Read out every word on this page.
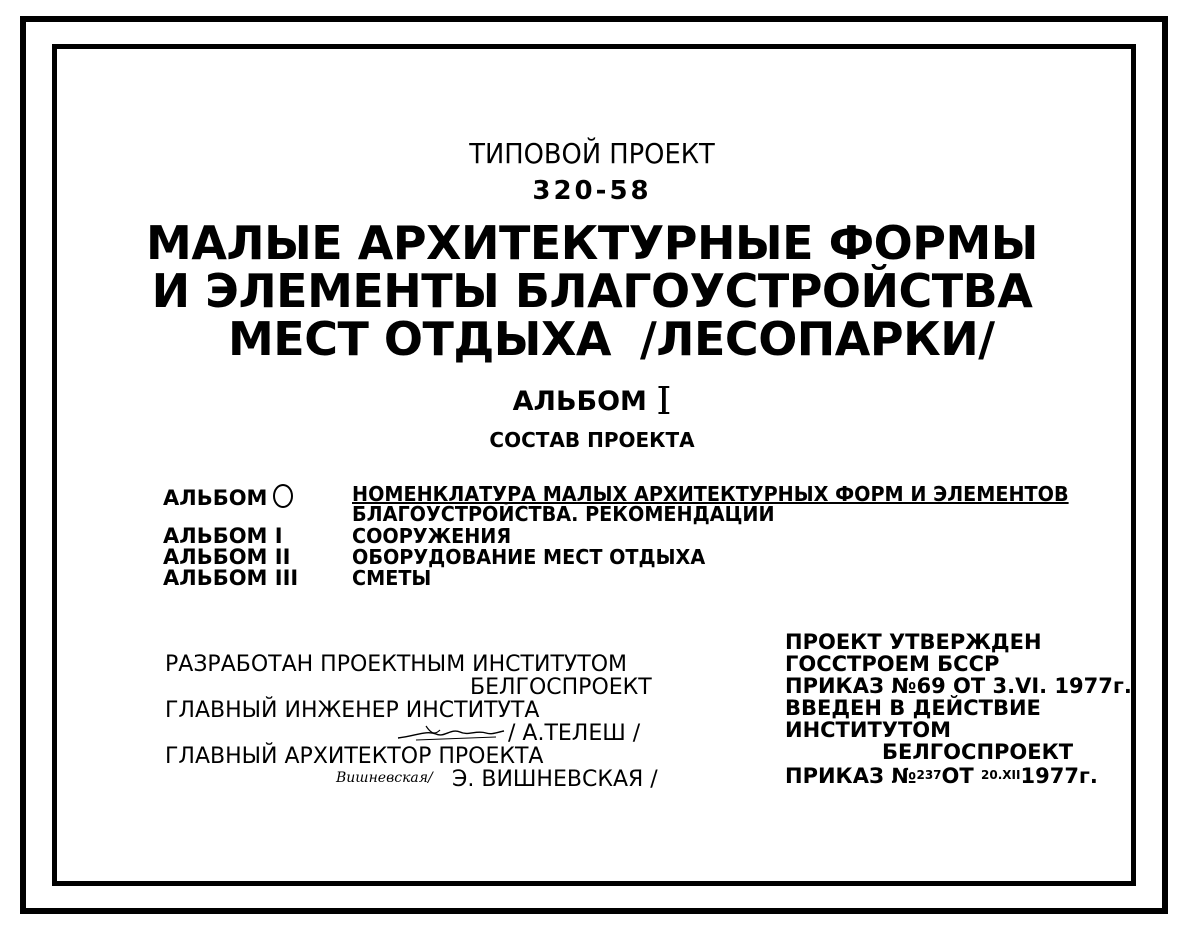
ТИПОВОЙ ПРОЕКТ
320-58
МАЛЫЕ АРХИТЕКТУРНЫЕ ФОРМЫ
И ЭЛЕМЕНТЫ БЛАГОУСТРОЙСТВА
МЕСТ ОТДЫХА /ЛЕСОПАРКИ/
АЛЬБОМ I
СОСТАВ ПРОЕКТА
АЛЬБОМ	НОМЕНКЛАТУРА МАЛЫХ АРХИТЕКТУРНЫХ ФОРМ И ЭЛЕМЕНТОВ
БЛАГОУСТРОЙСТВА. РЕКОМЕНДАЦИИ
АЛЬБОМ I	СООРУЖЕНИЯ
АЛЬБОМ II	ОБОРУДОВАНИЕ МЕСТ ОТДЫХА
АЛЬБОМ III	СМЕТЫ
РАЗРАБОТАН ПРОЕКТНЫМ ИНСТИТУТОМ
БЕЛГОСПРОЕКТ
ГЛАВНЫЙ ИНЖЕНЕР ИНСТИТУТА
/ А.ТЕЛЕШ /
ГЛАВНЫЙ АРХИТЕКТОР ПРОЕКТА
Вишневская/ Э. ВИШНЕВСКАЯ /
ПРОЕКТ УТВЕРЖДЕН
ГОССТРОЕМ БССР
ПРИКАЗ №69 ОТ 3.VI. 1977г.
ВВЕДЕН В ДЕЙСТВИЕ
ИНСТИТУТОМ
БЕЛГОСПРОЕКТ
ПРИКАЗ №237ОТ 20.XII1977г.
